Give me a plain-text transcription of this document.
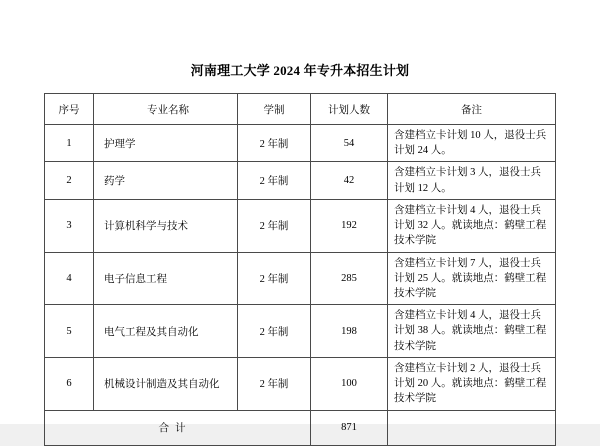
河南理工大学 2024 年专升本招生计划
序号	专业名称	学制	计划人数	备注
1	护理学	2 年制	54	含建档立卡计划 10 人，退役士兵计划 24 人。
2	药学	2 年制	42	含建档立卡计划 3 人，退役士兵计划 12 人。
3	计算机科学与技术	2 年制	192	含建档立卡计划 4 人，退役士兵计划 32 人。就读地点：鹤壁工程技术学院
4	电子信息工程	2 年制	285	含建档立卡计划 7 人，退役士兵计划 25 人。就读地点：鹤壁工程技术学院
5	电气工程及其自动化	2 年制	198	含建档立卡计划 4 人，退役士兵计划 38 人。就读地点：鹤壁工程技术学院
6	机械设计制造及其自动化	2 年制	100	含建档立卡计划 2 人，退役士兵计划 20 人。就读地点：鹤壁工程技术学院
合计			871	
